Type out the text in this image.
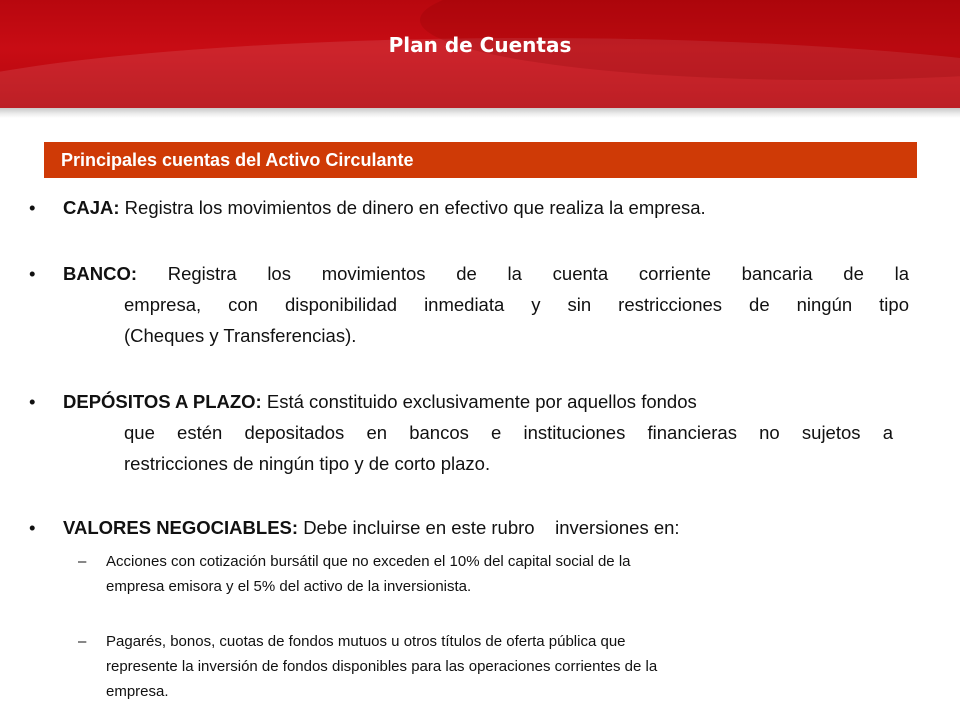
Plan de Cuentas
Principales cuentas del Activo Circulante
• CAJA: Registra los movimientos de dinero en efectivo que realiza la empresa.
• BANCO: Registra los movimientos de la cuenta corriente bancaria de la
empresa, con disponibilidad inmediata y sin restricciones de ningún tipo
(Cheques y Transferencias).
• DEPÓSITOS A PLAZO: Está constituido exclusivamente por aquellos fondos
que estén depositados en bancos e instituciones financieras no sujetos a
restricciones de ningún tipo y de corto plazo.
• VALORES NEGOCIABLES: Debe incluirse en este rubro    inversiones en:
– Acciones con cotización bursátil que no exceden el 10% del capital social de la
empresa emisora y el 5% del activo de la inversionista.
– Pagarés, bonos, cuotas de fondos mutuos u otros títulos de oferta pública que
represente la inversión de fondos disponibles para las operaciones corrientes de la
empresa.
